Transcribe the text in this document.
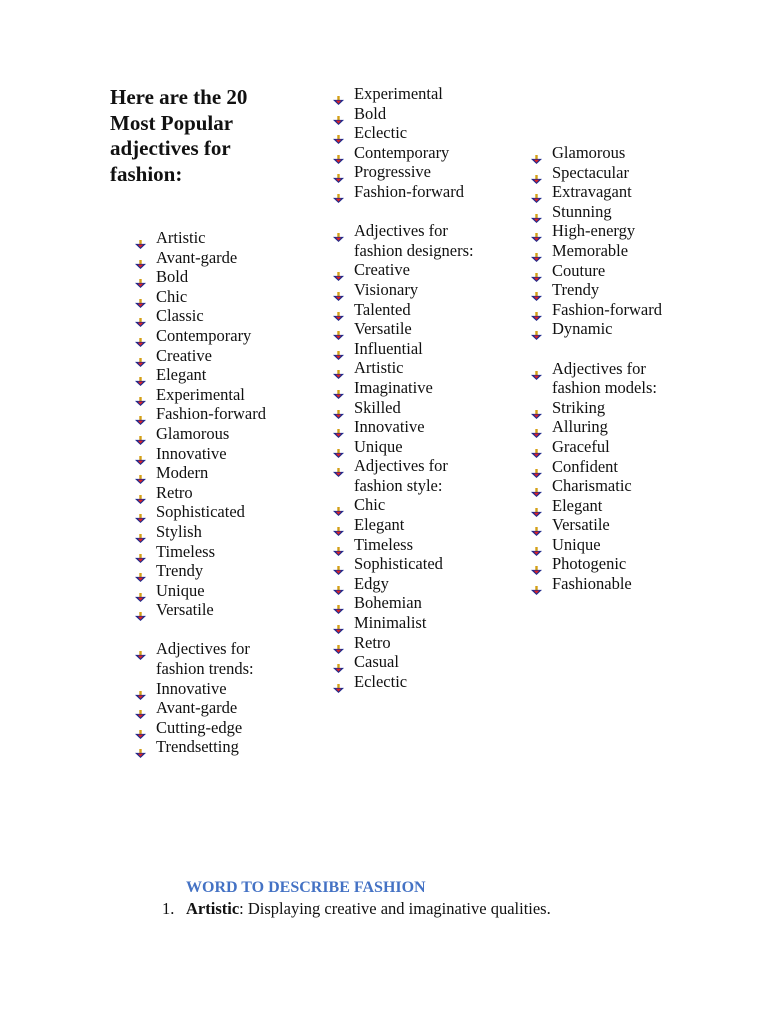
Here are the 20 Most Popular adjectives for fashion:
Artistic
Avant-garde
Bold
Chic
Classic
Contemporary
Creative
Elegant
Experimental
Fashion-forward
Glamorous
Innovative
Modern
Retro
Sophisticated
Stylish
Timeless
Trendy
Unique
Versatile
Adjectives for fashion trends:
Innovative
Avant-garde
Cutting-edge
Trendsetting
Experimental
Bold
Eclectic
Contemporary
Progressive
Fashion-forward
Adjectives for fashion designers:
Creative
Visionary
Talented
Versatile
Influential
Artistic
Imaginative
Skilled
Innovative
Unique
Adjectives for fashion style:
Chic
Elegant
Timeless
Sophisticated
Edgy
Bohemian
Minimalist
Retro
Casual
Eclectic
Glamorous
Spectacular
Extravagant
Stunning
High-energy
Memorable
Couture
Trendy
Fashion-forward
Dynamic
Adjectives for fashion models:
Striking
Alluring
Graceful
Confident
Charismatic
Elegant
Versatile
Unique
Photogenic
Fashionable
WORD TO DESCRIBE FASHION
1. Artistic: Displaying creative and imaginative qualities.
